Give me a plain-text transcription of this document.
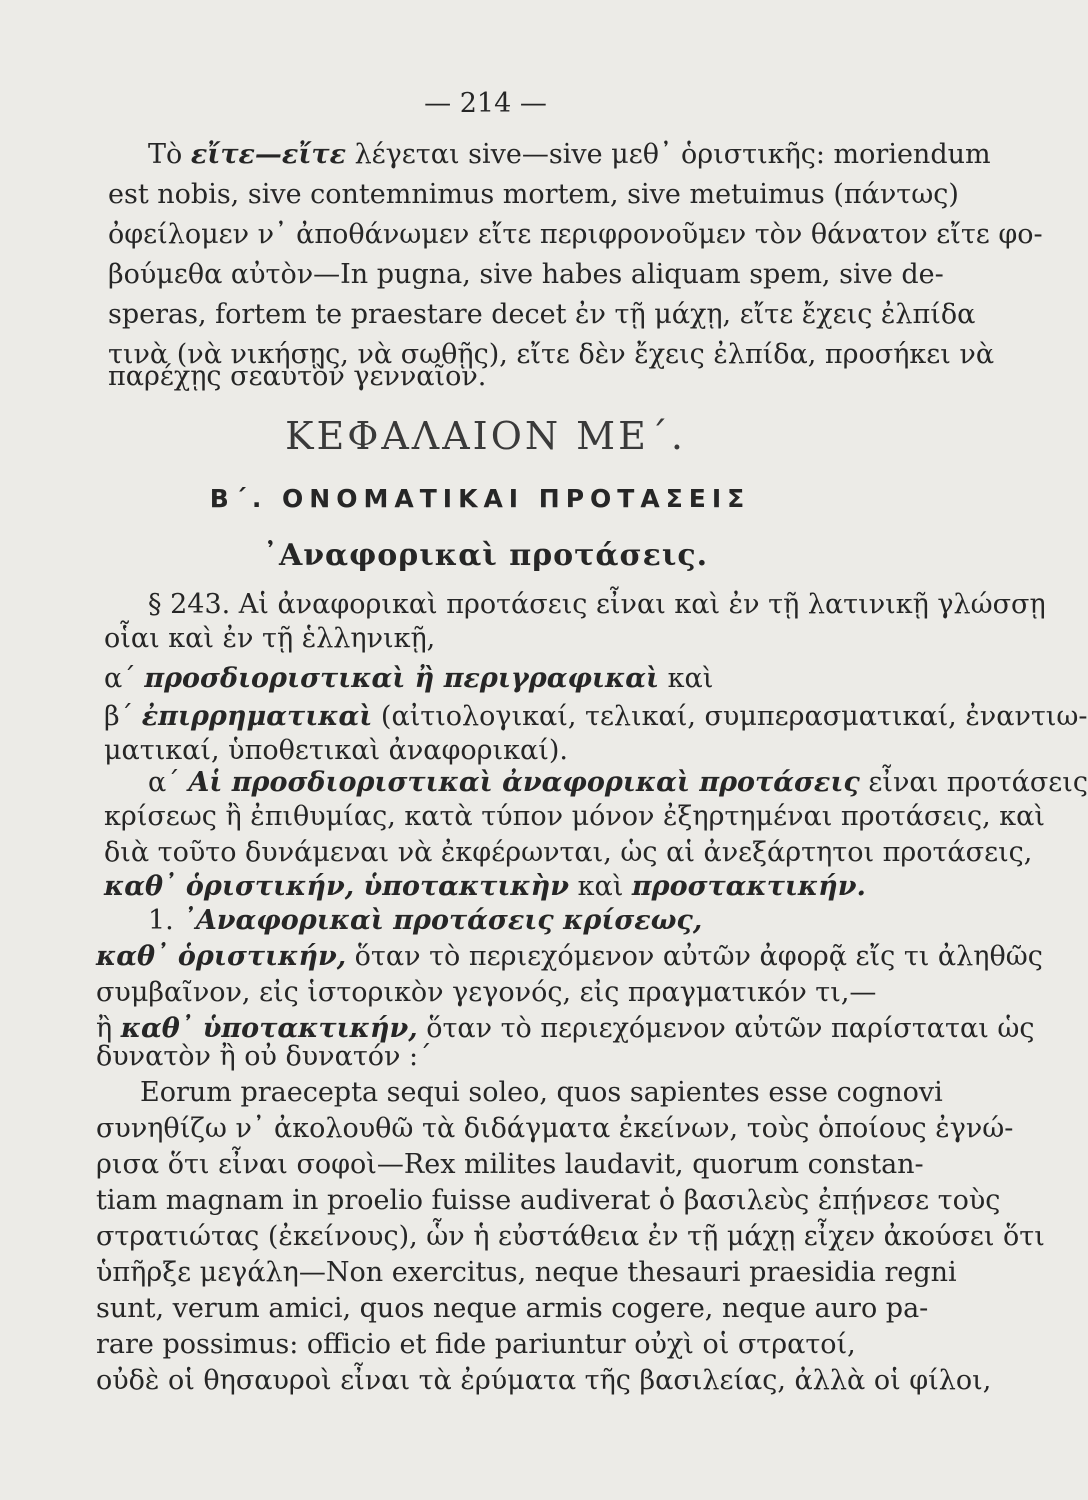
— 214 —
Τὸ εἴτε—εἴτε λέγεται sive—sive μεθ᾽ ὁριστικῆς: moriendum
est nobis, sive contemnimus mortem, sive metuimus (πάντως)
ὀφείλομεν ν᾽ ἀποθάνωμεν εἴτε περιφρονοῦμεν τὸν θάνατον εἴτε φο-
βούμεθα αὐτὸν—In pugna, sive habes aliquam spem, sive de-
speras, fortem te praestare decet ἐν τῇ μάχῃ, εἴτε ἔχεις ἐλπίδα
τινὰ (νὰ νικήσῃς, νὰ σωθῇς), εἴτε δὲν ἔχεις ἐλπίδα, προσήκει νὰ
παρέχῃς σεαυτὸν γενναῖον.
ΚΕΦΑΛΑΙΟΝ ΜΕ΄.
Β΄. ΟΝΟΜΑΤΙΚΑΙ ΠΡΟΤΑΣΕΙΣ
᾿Αναφορικαὶ προτάσεις.
§ 243. Αἱ ἀναφορικαὶ προτάσεις εἶναι καὶ ἐν τῇ λατινικῇ γλώσσῃ
οἷαι καὶ ἐν τῇ ἑλληνικῇ,
α΄ προσδιοριστικαὶ ἢ περιγραφικαὶ καὶ
β΄ ἐπιρρηματικαὶ (αἰτιολογικαί, τελικαί, συμπερασματικαί, ἐναντιω-
ματικαί, ὑποθετικαὶ ἀναφορικαί).
α΄ Αἱ προσδιοριστικαὶ ἀναφορικαὶ προτάσεις εἶναι προτάσεις
κρίσεως ἢ ἐπιθυμίας, κατὰ τύπον μόνον ἐξηρτημέναι προτάσεις, καὶ
διὰ τοῦτο δυνάμεναι νὰ ἐκφέρωνται, ὡς αἱ ἀνεξάρτητοι προτάσεις,
καθ᾽ ὁριστικήν, ὑποτακτικὴν καὶ προστακτικήν.
1. ᾿Αναφορικαὶ προτάσεις κρίσεως,
καθ᾽ ὁριστικήν, ὅταν τὸ περιεχόμενον αὐτῶν ἀφορᾷ εἴς τι ἀληθῶς
συμβαῖνον, εἰς ἱστορικὸν γεγονός, εἰς πραγματικόν τι,—
ἢ καθ᾽ ὑποτακτικήν, ὅταν τὸ περιεχόμενον αὐτῶν παρίσταται ὡς
δυνατὸν ἢ οὐ δυνατόν :΄
Eorum praecepta sequi soleo, quos sapientes esse cognovi
συνηθίζω ν᾽ ἀκολουθῶ τὰ διδάγματα ἐκείνων, τοὺς ὁποίους ἐγνώ-
ρισα ὅτι εἶναι σοφοὶ—Rex milites laudavit, quorum constan-
tiam magnam in proelio fuisse audiverat ὁ βασιλεὺς ἐπῄνεσε τοὺς
στρατιώτας (ἐκείνους), ὧν ἡ εὐστάθεια ἐν τῇ μάχῃ εἶχεν ἀκούσει ὅτι
ὑπῆρξε μεγάλη—Non exercitus, neque thesauri praesidia regni
sunt, verum amici, quos neque armis cogere, neque auro pa-
rare possimus: officio et fide pariuntur οὐχὶ οἱ στρατοί,
οὐδὲ οἱ θησαυροὶ εἶναι τὰ ἐρύματα τῆς βασιλείας, ἀλλὰ οἱ φίλοι,
